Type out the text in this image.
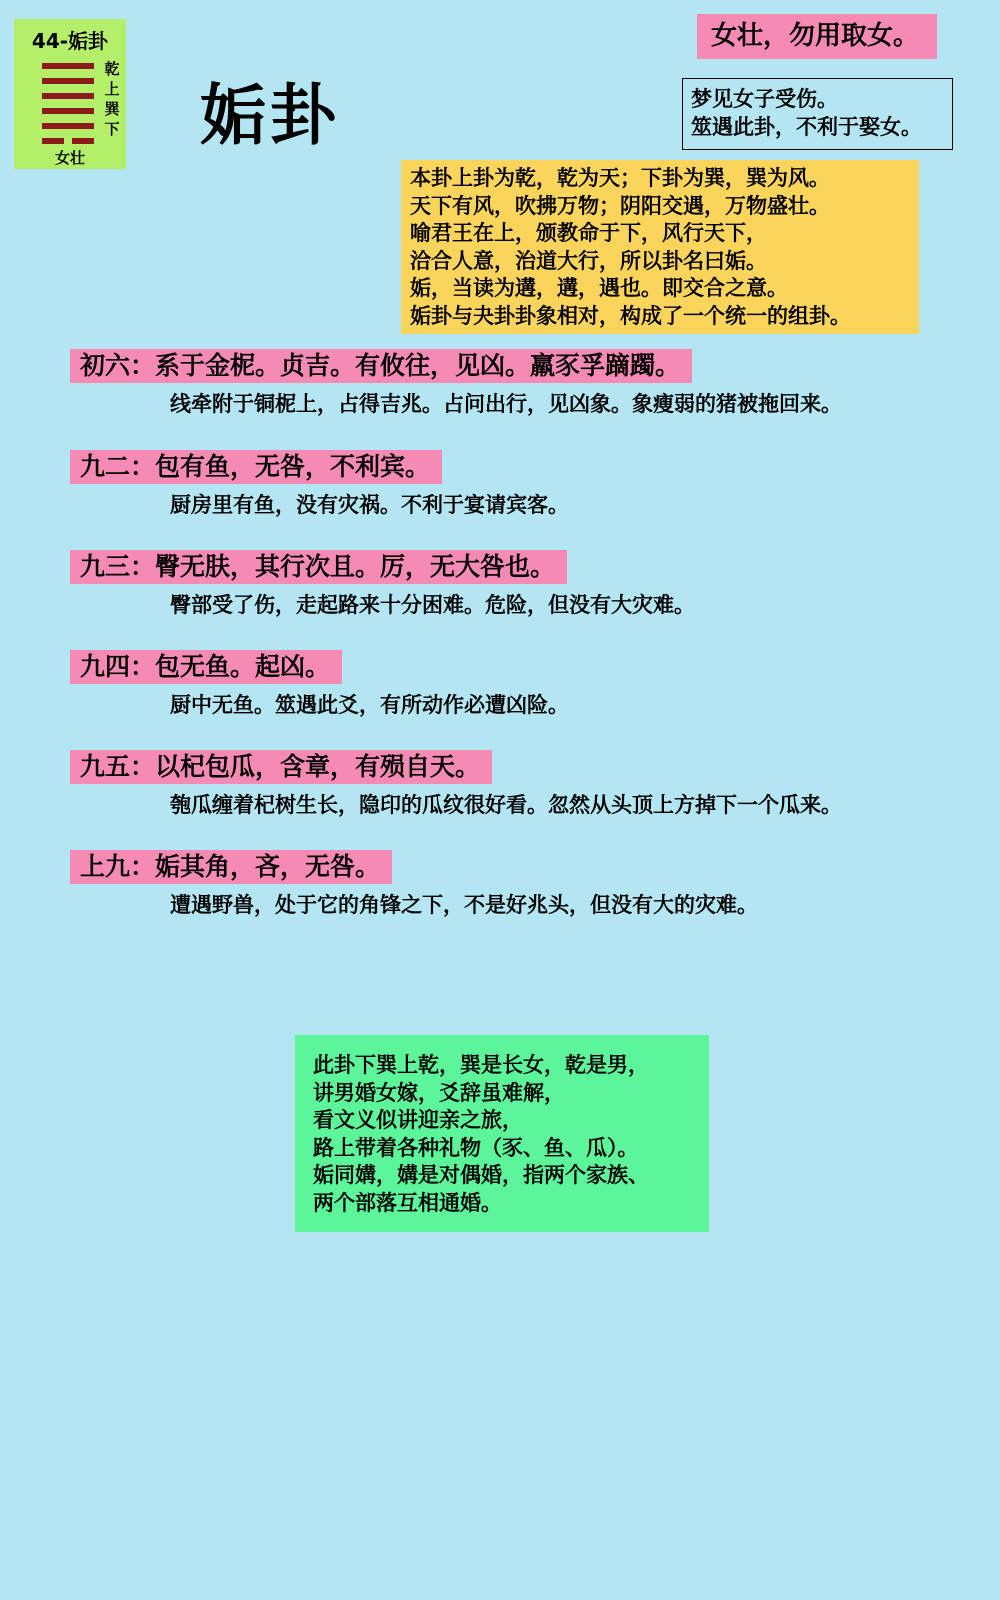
44-姤卦
乾上巽下
女壮
姤卦
女壮，勿用取女。
梦见女子受伤。
筮遇此卦，不利于娶女。
本卦上卦为乾，乾为天；下卦为巽，巽为风。
天下有风，吹拂万物；阴阳交遇，万物盛壮。
喻君王在上，颁教命于下，风行天下，
洽合人意，治道大行，所以卦名曰姤。
姤，当读为遘，遘，遇也。即交合之意。
姤卦与夬卦卦象相对，构成了一个统一的组卦。
初六：系于金柅。贞吉。有攸往，见凶。羸豕孚蹢躅。
线牵附于铜柅上，占得吉兆。占问出行，见凶象。象瘦弱的猪被拖回来。
九二：包有鱼，无咎，不利宾。
厨房里有鱼，没有灾祸。不利于宴请宾客。
九三：臀无肤，其行次且。厉，无大咎也。
臀部受了伤，走起路来十分困难。危险，但没有大灾难。
九四：包无鱼。起凶。
厨中无鱼。筮遇此爻，有所动作必遭凶险。
九五：以杞包瓜，含章，有殒自天。
匏瓜缠着杞树生长，隐印的瓜纹很好看。忽然从头顶上方掉下一个瓜来。
上九：姤其角，吝，无咎。
遭遇野兽，处于它的角锋之下，不是好兆头，但没有大的灾难。
此卦下巽上乾，巽是长女，乾是男，
讲男婚女嫁，爻辞虽难解，
看文义似讲迎亲之旅，
路上带着各种礼物（豕、鱼、瓜）。
姤同媾，媾是对偶婚，指两个家族、
两个部落互相通婚。
